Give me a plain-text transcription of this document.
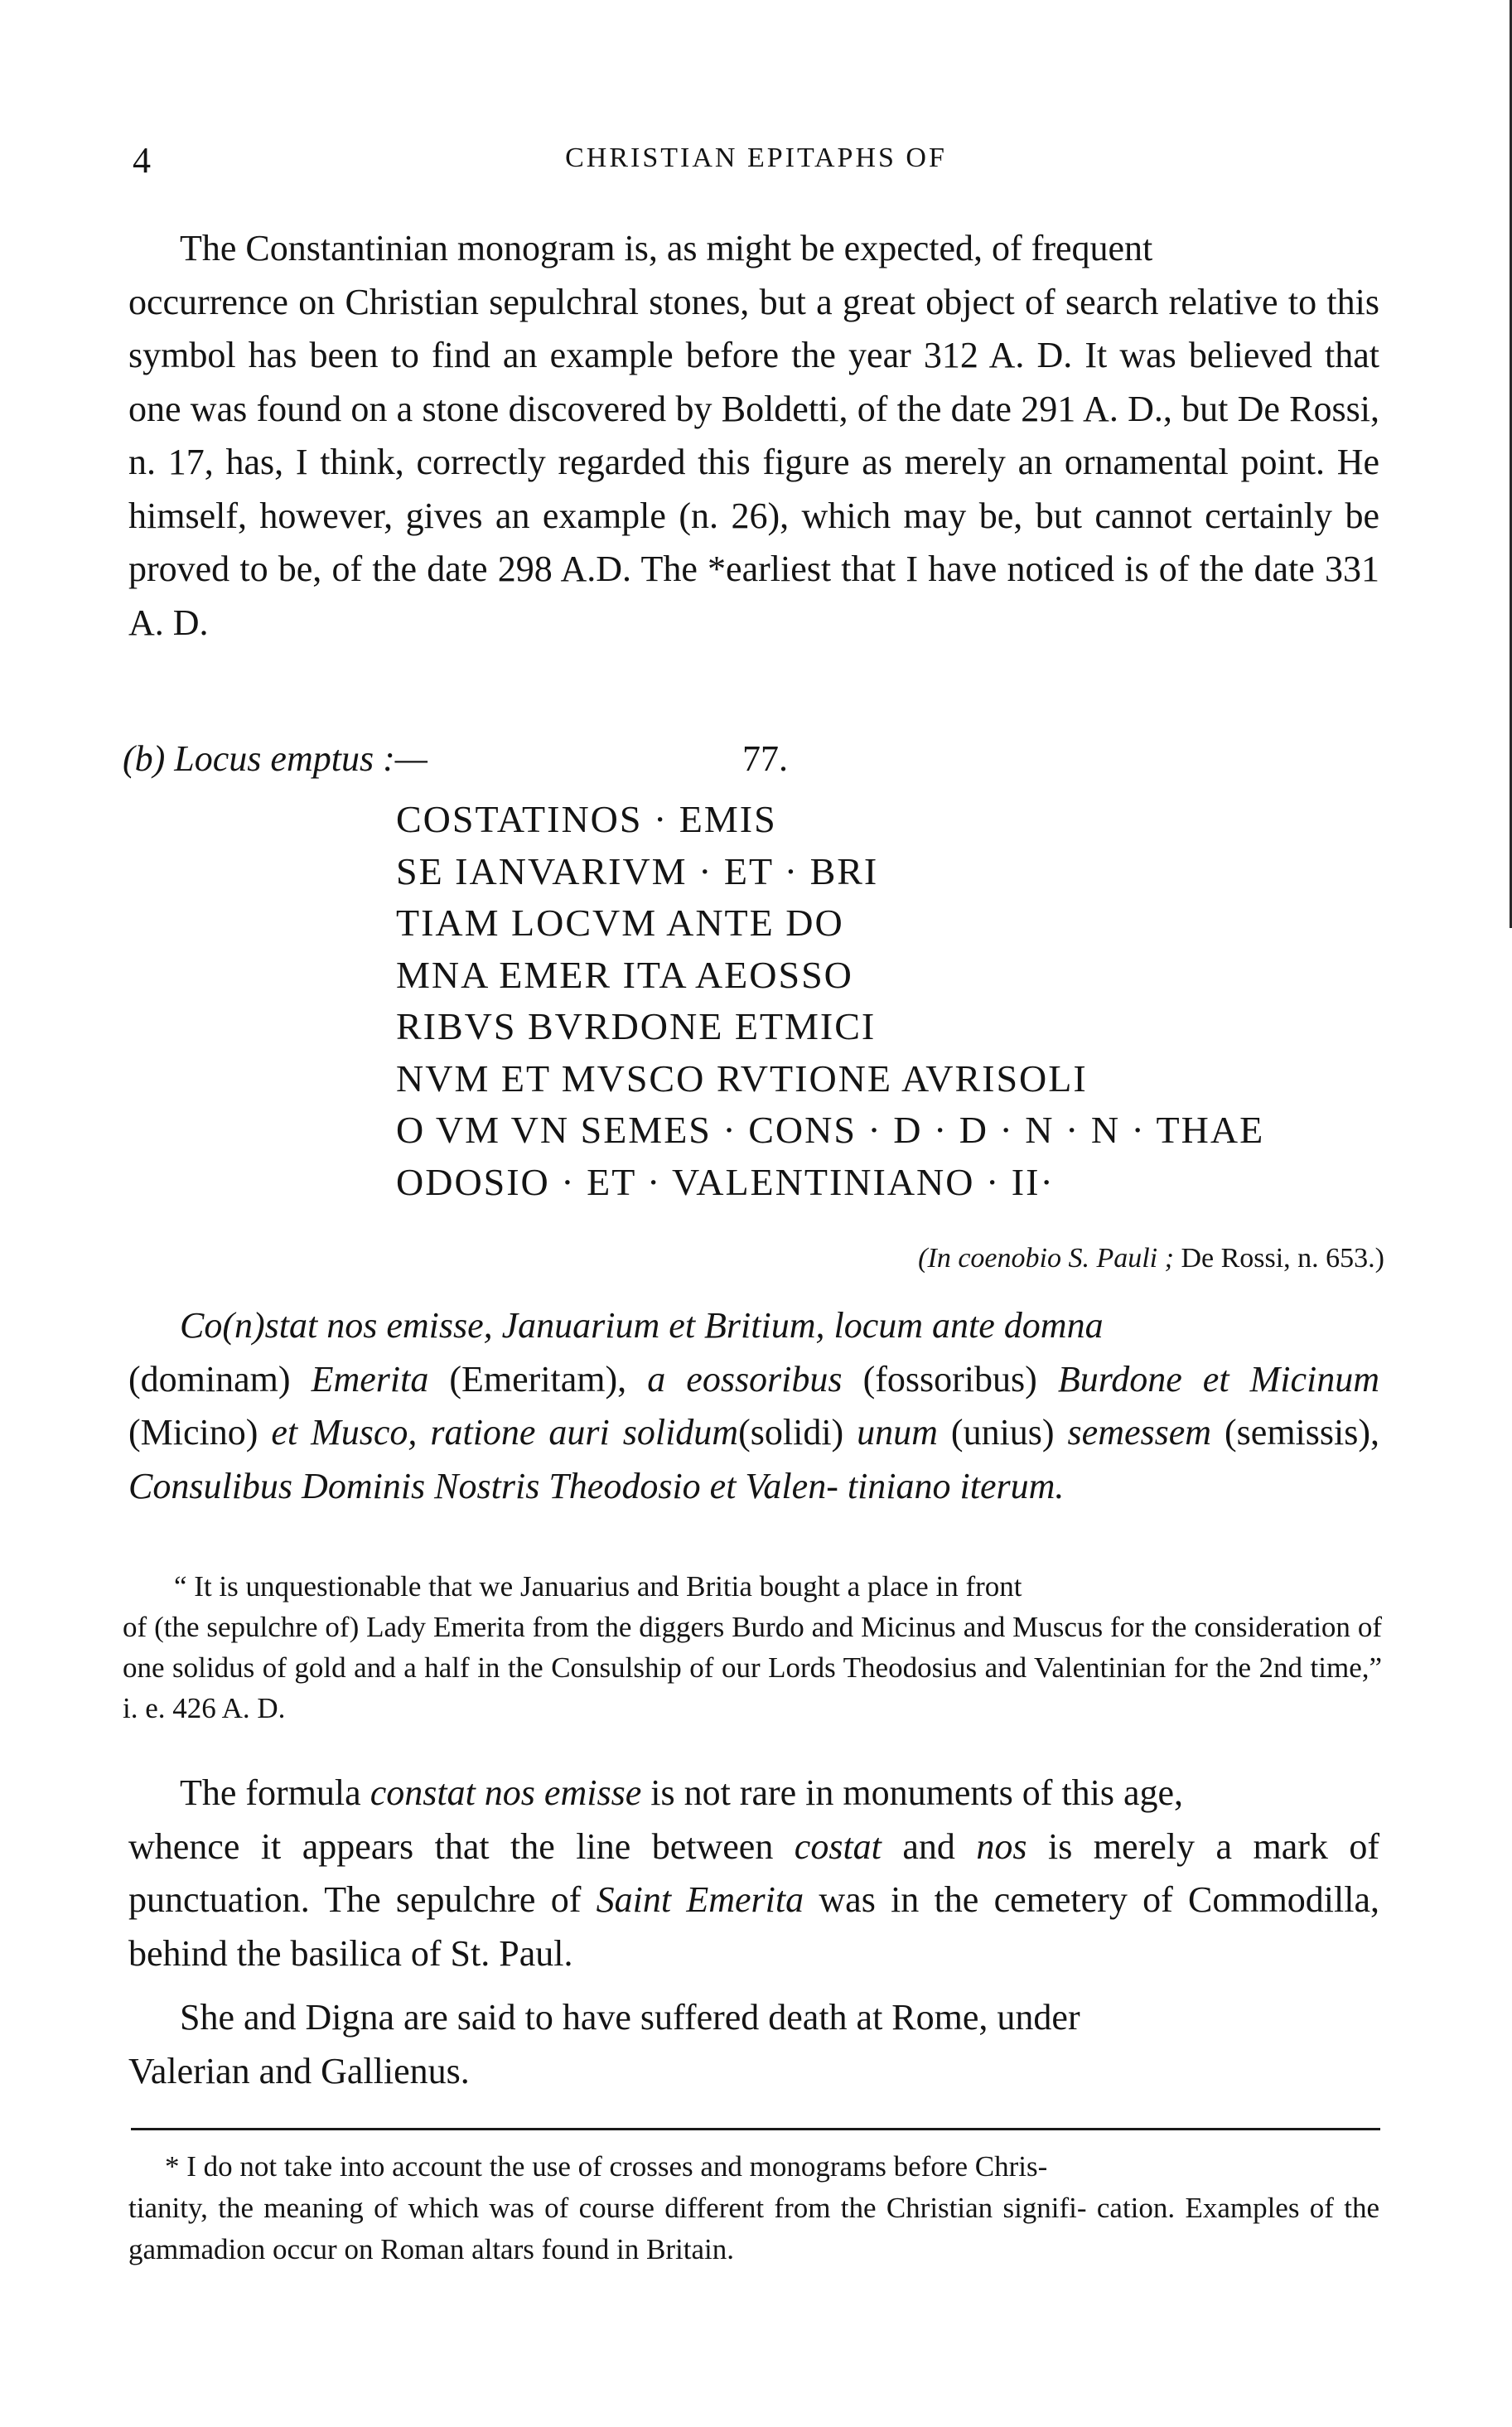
4	CHRISTIAN EPITAPHS OF

The Constantinian monogram is, as might be expected, of frequent
occurrence on Christian sepulchral stones, but a great object of search relative to this symbol has been to find an example before the year 312 A. D. It was believed that one was found on a stone discovered by Boldetti, of the date 291 A. D., but De Rossi, n. 17, has, I think, correctly regarded this figure as merely an ornamental point. He himself, however, gives an example (n. 26), which may be, but cannot certainly be proved to be, of the date 298 A.D. The *earliest that I have noticed is of the date 331 A. D.

(b) Locus emptus :—	77.
COSTATINOS · EMIS
SE IANVARIVM · ET · BRI
TIAM LOCVM ANTE DO
MNA EMER ITA AEOSSO
RIBVS BVRDONE ETMICI
NVM ET MVSCO RVTIONE AVRISOLI
O VM VN SEMES · CONS · D · D · N · N · THAE
ODOSIO · ET · VALENTINIANO · II·
(In coenobio S. Pauli ; De Rossi, n. 653.)

Co(n)stat nos emisse, Januarium et Britium, locum ante domna
(dominam) Emerita (Emeritam), a eossoribus (fossoribus) Burdone et Micinum (Micino) et Musco, ratione auri solidum(solidi) unum (unius) semessem (semissis), Consulibus Dominis Nostris Theodosio et Valen- tiniano iterum.

“ It is unquestionable that we Januarius and Britia bought a place in front
of (the sepulchre of) Lady Emerita from the diggers Burdo and Micinus and Muscus for the consideration of one solidus of gold and a half in the Consulship of our Lords Theodosius and Valentinian for the 2nd time,” i. e. 426 A. D.

The formula constat nos emisse is not rare in monuments of this age,
whence it appears that the line between costat and nos is merely a mark of punctuation. The sepulchre of Saint Emerita was in the cemetery of Commodilla, behind the basilica of St. Paul.

She and Digna are said to have suffered death at Rome, under
Valerian and Gallienus.

* I do not take into account the use of crosses and monograms before Chris-
tianity, the meaning of which was of course different from the Christian signifi- cation. Examples of the gammadion occur on Roman altars found in Britain.
